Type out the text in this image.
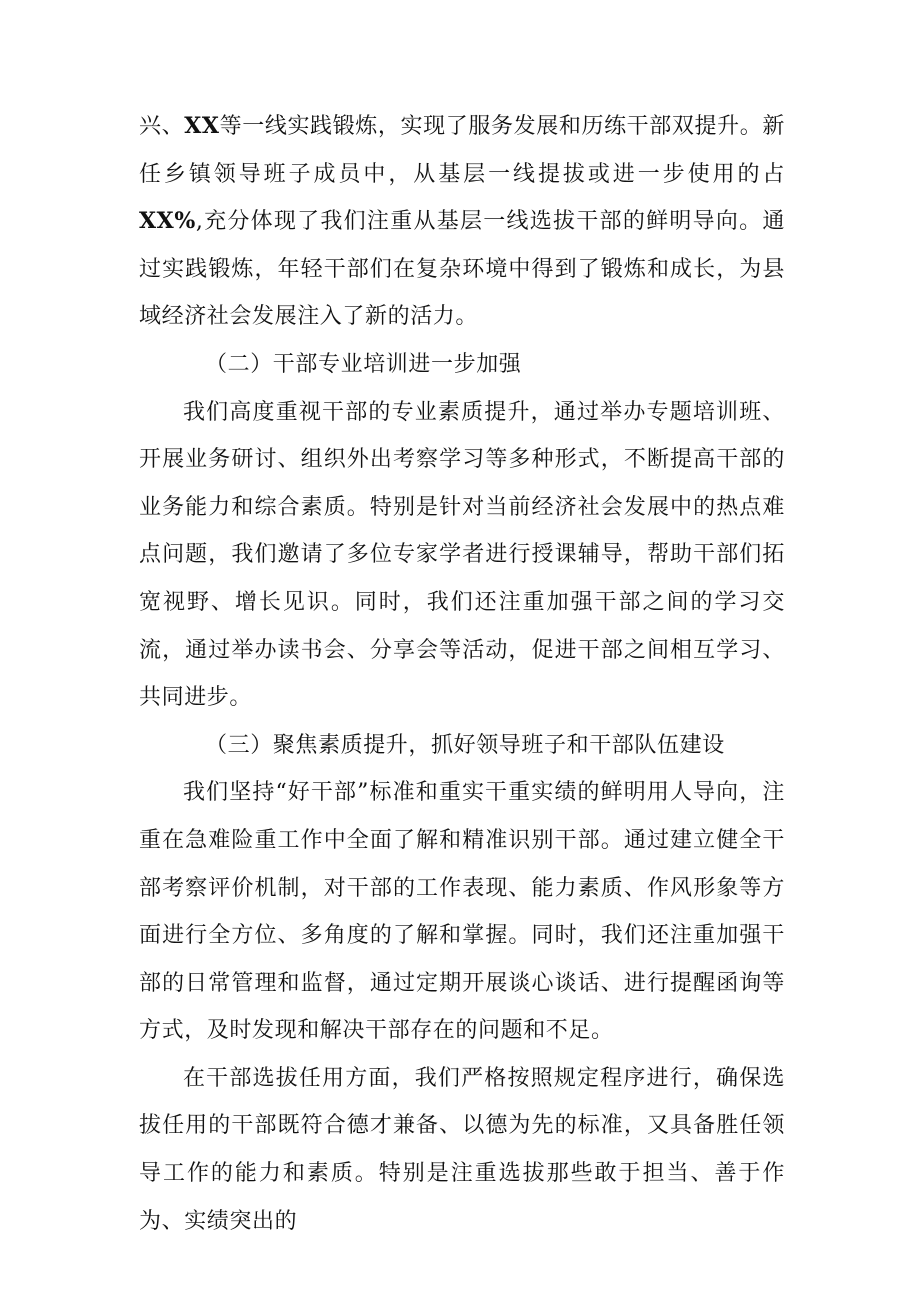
兴、XX等一线实践锻炼，实现了服务发展和历练干部双提升。新任乡镇领导班子成员中，从基层一线提拔或进一步使用的占XX%,充分体现了我们注重从基层一线选拔干部的鲜明导向。通过实践锻炼，年轻干部们在复杂环境中得到了锻炼和成长，为县域经济社会发展注入了新的活力。

（二）干部专业培训进一步加强

我们高度重视干部的专业素质提升，通过举办专题培训班、开展业务研讨、组织外出考察学习等多种形式，不断提高干部的业务能力和综合素质。特别是针对当前经济社会发展中的热点难点问题，我们邀请了多位专家学者进行授课辅导，帮助干部们拓宽视野、增长见识。同时，我们还注重加强干部之间的学习交流，通过举办读书会、分享会等活动，促进干部之间相互学习、共同进步。

（三）聚焦素质提升，抓好领导班子和干部队伍建设

我们坚持“好干部”标准和重实干重实绩的鲜明用人导向，注重在急难险重工作中全面了解和精准识别干部。通过建立健全干部考察评价机制，对干部的工作表现、能力素质、作风形象等方面进行全方位、多角度的了解和掌握。同时，我们还注重加强干部的日常管理和监督，通过定期开展谈心谈话、进行提醒函询等方式，及时发现和解决干部存在的问题和不足。

在干部选拔任用方面，我们严格按照规定程序进行，确保选拔任用的干部既符合德才兼备、以德为先的标准，又具备胜任领导工作的能力和素质。特别是注重选拔那些敢于担当、善于作为、实绩突出的
